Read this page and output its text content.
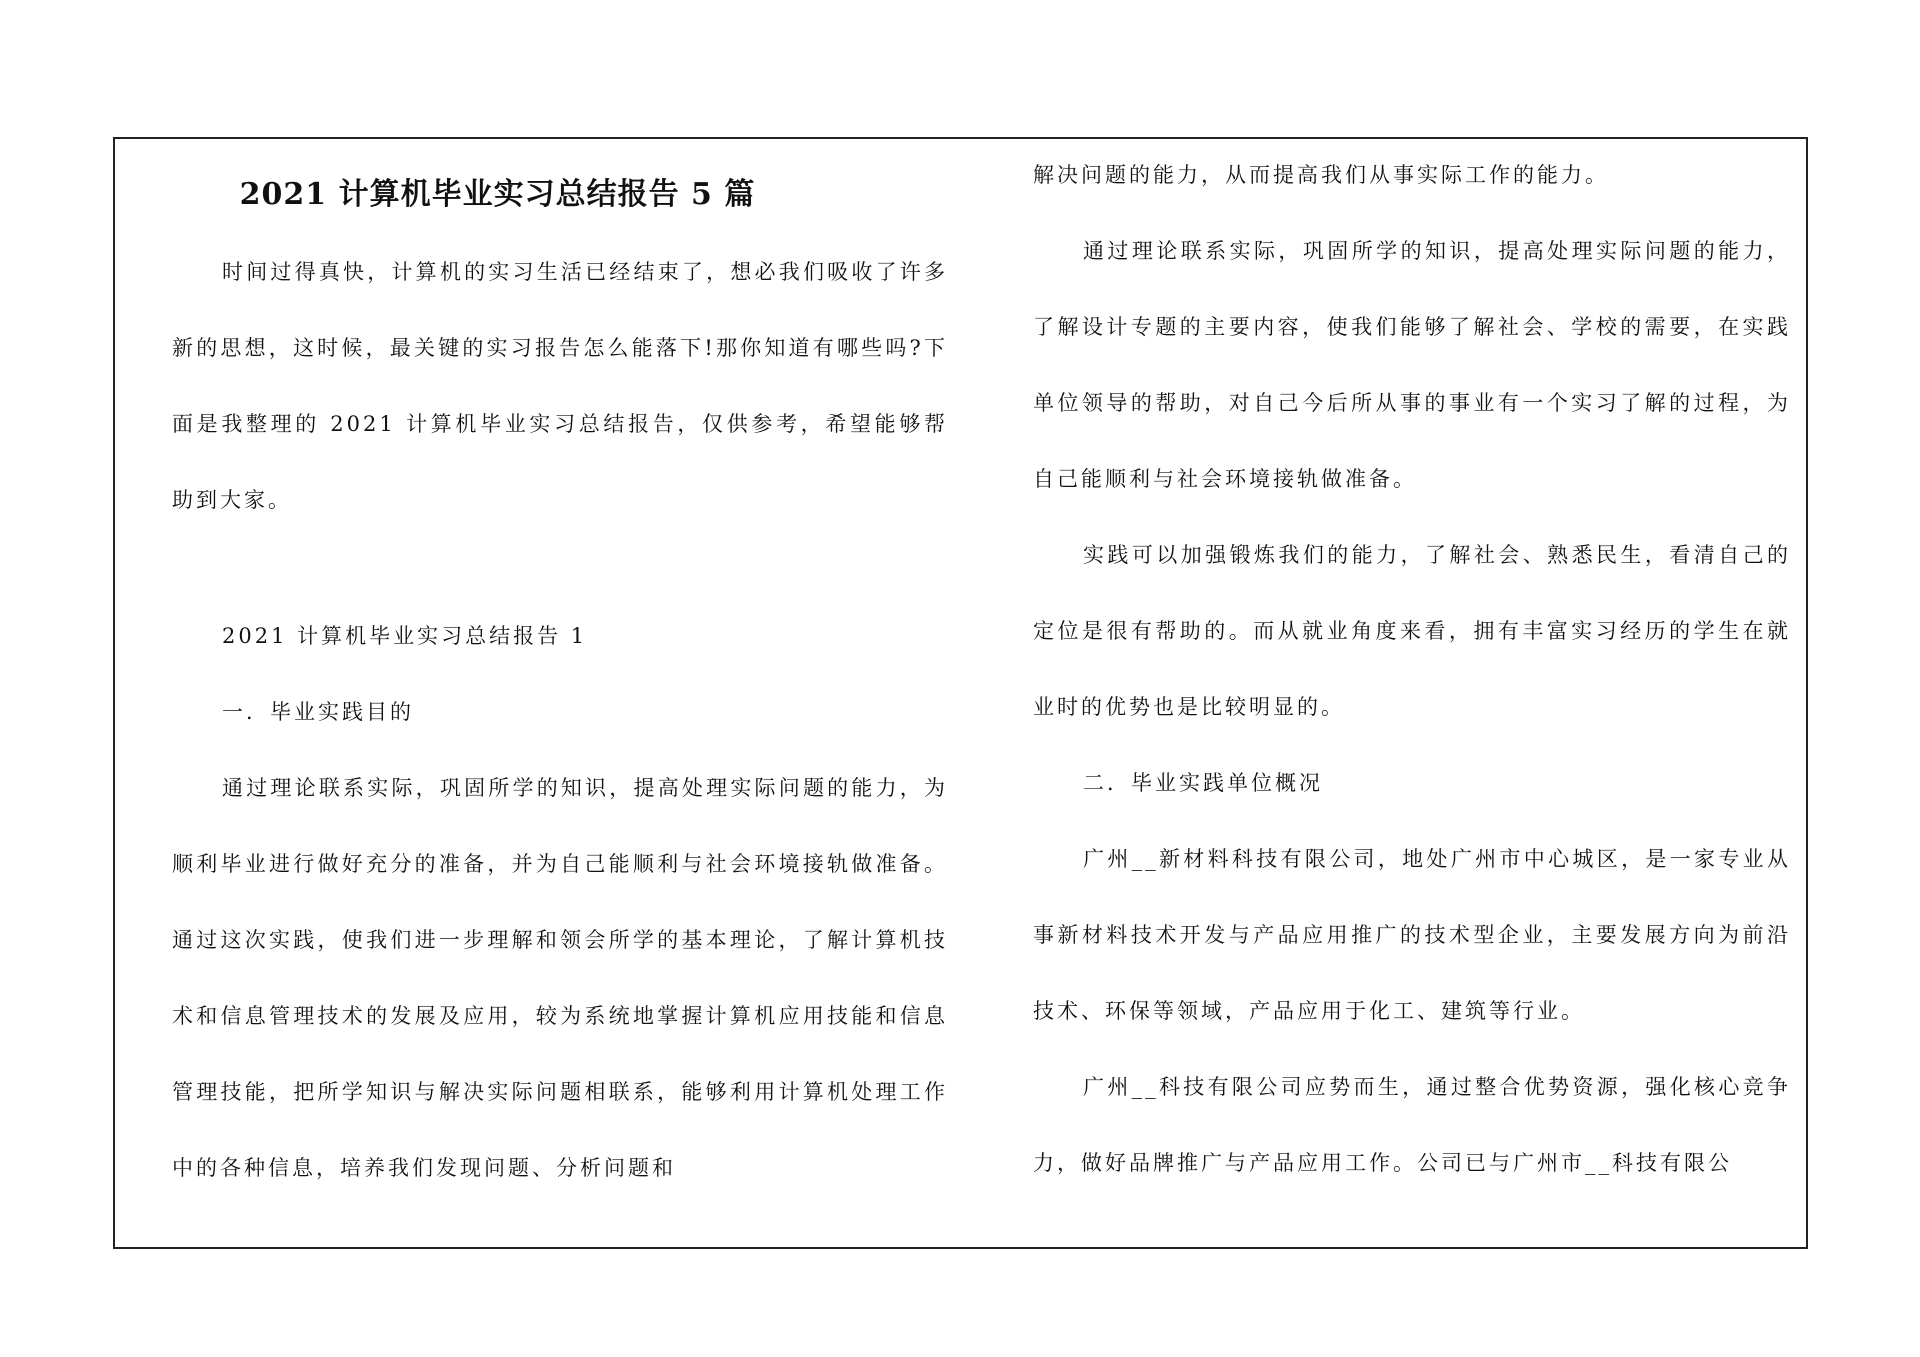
2021 计算机毕业实习总结报告 5 篇

时间过得真快，计算机的实习生活已经结束了，想必我们吸收了许多新的思想，这时候，最关键的实习报告怎么能落下!那你知道有哪些吗?下面是我整理的 2021 计算机毕业实习总结报告，仅供参考，希望能够帮助到大家。

2021 计算机毕业实习总结报告 1

一．毕业实践目的

通过理论联系实际，巩固所学的知识，提高处理实际问题的能力，为顺利毕业进行做好充分的准备，并为自己能顺利与社会环境接轨做准备。通过这次实践，使我们进一步理解和领会所学的基本理论，了解计算机技术和信息管理技术的发展及应用，较为系统地掌握计算机应用技能和信息管理技能，把所学知识与解决实际问题相联系，能够利用计算机处理工作中的各种信息，培养我们发现问题、分析问题和

解决问题的能力，从而提高我们从事实际工作的能力。

通过理论联系实际，巩固所学的知识，提高处理实际问题的能力，了解设计专题的主要内容，使我们能够了解社会、学校的需要，在实践单位领导的帮助，对自己今后所从事的事业有一个实习了解的过程，为自己能顺利与社会环境接轨做准备。

实践可以加强锻炼我们的能力，了解社会、熟悉民生，看清自己的定位是很有帮助的。而从就业角度来看，拥有丰富实习经历的学生在就业时的优势也是比较明显的。

二．毕业实践单位概况

广州__新材料科技有限公司，地处广州市中心城区，是一家专业从事新材料技术开发与产品应用推广的技术型企业，主要发展方向为前沿技术、环保等领域，产品应用于化工、建筑等行业。

广州__科技有限公司应势而生，通过整合优势资源，强化核心竞争力，做好品牌推广与产品应用工作。公司已与广州市__科技有限公
